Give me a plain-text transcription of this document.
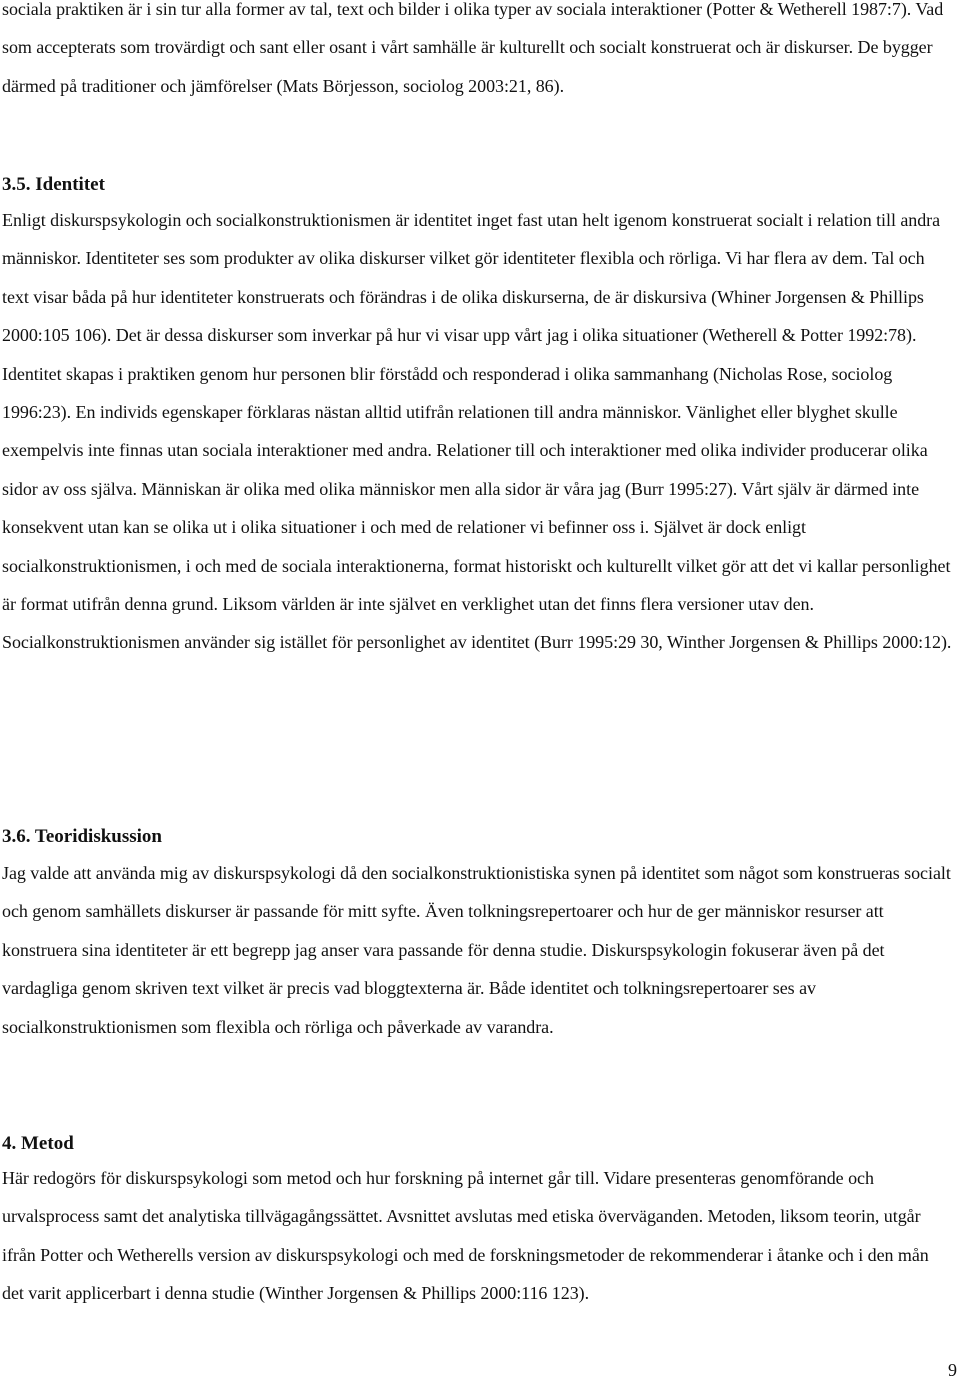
sociala praktiken är i sin tur alla former av tal, text och bilder i olika typer av sociala interaktioner (Potter & Wetherell 1987:7). Vad som accepterats som trovärdigt och sant eller osant i vårt samhälle är kulturellt och socialt konstruerat och är diskurser. De bygger därmed på traditioner och jämförelser (Mats Börjesson, sociolog 2003:21, 86).

3.5. Identitet

Enligt diskurspsykologin och socialkonstruktionismen är identitet inget fast utan helt igenom konstruerat socialt i relation till andra människor. Identiteter ses som produkter av olika diskurser vilket gör identiteter flexibla och rörliga. Vi har flera av dem. Tal och text visar båda på hur identiteter konstruerats och förändras i de olika diskurserna, de är diskursiva (Whiner Jorgensen & Phillips 2000:105 106). Det är dessa diskurser som inverkar på hur vi visar upp vårt jag i olika situationer (Wetherell & Potter 1992:78). Identitet skapas i praktiken genom hur personen blir förstådd och responderad i olika sammanhang (Nicholas Rose, sociolog 1996:23). En individs egenskaper förklaras nästan alltid utifrån relationen till andra människor. Vänlighet eller blyghet skulle exempelvis inte finnas utan sociala interaktioner med andra. Relationer till och interaktioner med olika individer producerar olika sidor av oss själva. Människan är olika med olika människor men alla sidor är våra jag (Burr 1995:27). Vårt själv är därmed inte konsekvent utan kan se olika ut i olika situationer i och med de relationer vi befinner oss i. Självet är dock enligt socialkonstruktionismen, i och med de sociala interaktionerna, format historiskt och kulturellt vilket gör att det vi kallar personlighet är format utifrån denna grund. Liksom världen är inte självet en verklighet utan det finns flera versioner utav den. Socialkonstruktionismen använder sig istället för personlighet av identitet (Burr 1995:29 30, Winther Jorgensen & Phillips 2000:12).

3.6. Teoridiskussion

Jag valde att använda mig av diskurspsykologi då den socialkonstruktionistiska synen på identitet som något som konstrueras socialt och genom samhällets diskurser är passande för mitt syfte. Även tolkningsrepertoarer och hur de ger människor resurser att konstruera sina identiteter är ett begrepp jag anser vara passande för denna studie. Diskurspsykologin fokuserar även på det vardagliga genom skriven text vilket är precis vad bloggtexterna är. Både identitet och tolkningsrepertoarer ses av socialkonstruktionismen som flexibla och rörliga och påverkade av varandra.

4. Metod

Här redogörs för diskurspsykologi som metod och hur forskning på internet går till. Vidare presenteras genomförande och urvalsprocess samt det analytiska tillvägagångssättet. Avsnittet avslutas med etiska överväganden. Metoden, liksom teorin, utgår ifrån Potter och Wetherells version av diskurspsykologi och med de forskningsmetoder de rekommenderar i åtanke och i den mån det varit applicerbart i denna studie (Winther Jorgensen & Phillips 2000:116 123).

9
